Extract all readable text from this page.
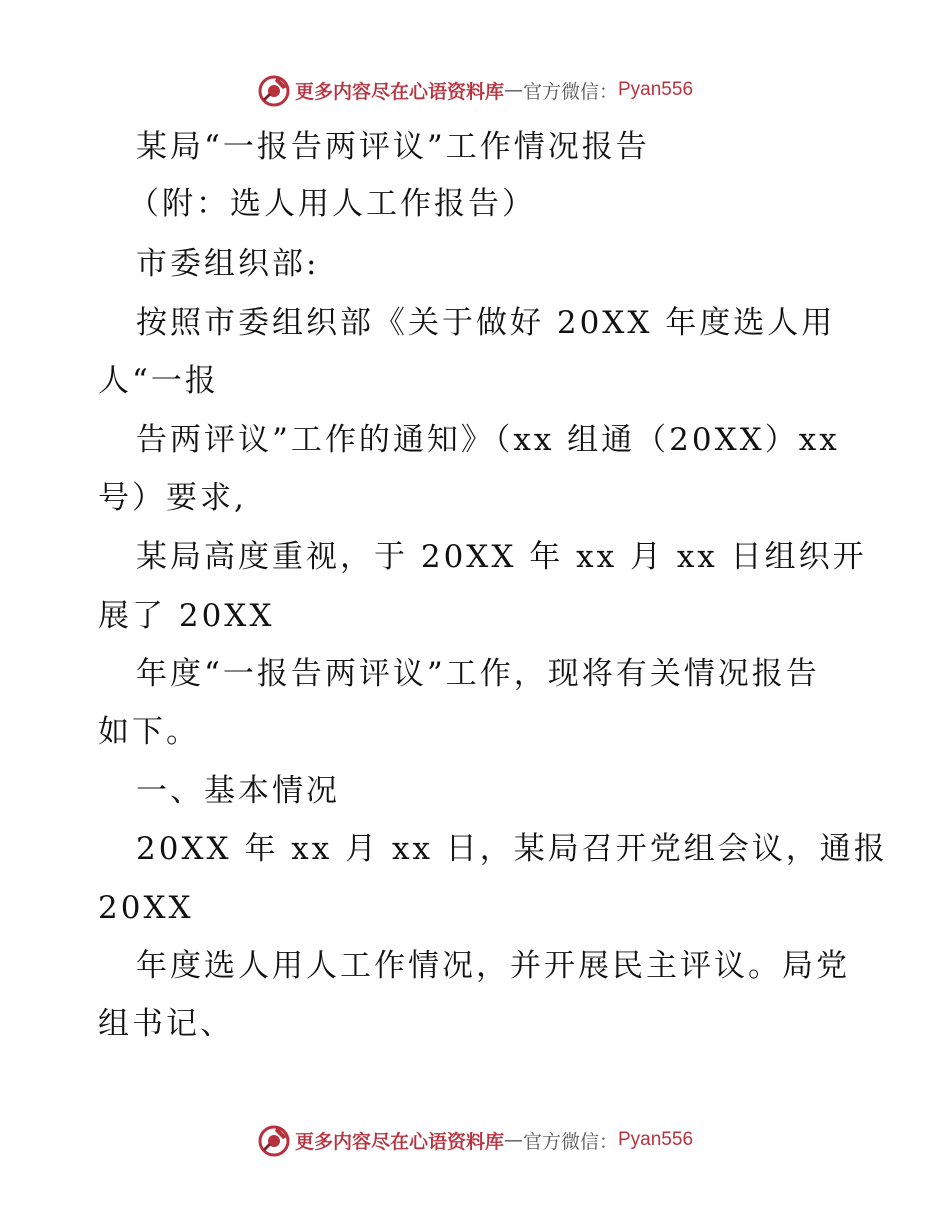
更多内容尽在心语资料库 — 官方微信： Pyan556
某局“一报告两评议”工作情况报告
（附：选人用人工作报告）
市委组织部:
按照市委组织部《关于做好 20XX 年度选人用
人“一报
告两评议”工作的通知》（xx 组通（20XX）xx
号）要求,
某局高度重视，于 20XX 年 xx 月 xx 日组织开
展了 20XX
年度“一报告两评议”工作，现将有关情况报告
如下。
一、基本情况
20XX 年 xx 月 xx 日，某局召开党组会议，通报
20XX
年度选人用人工作情况，并开展民主评议。局党
组书记、
更多内容尽在心语资料库 — 官方微信： Pyan556
